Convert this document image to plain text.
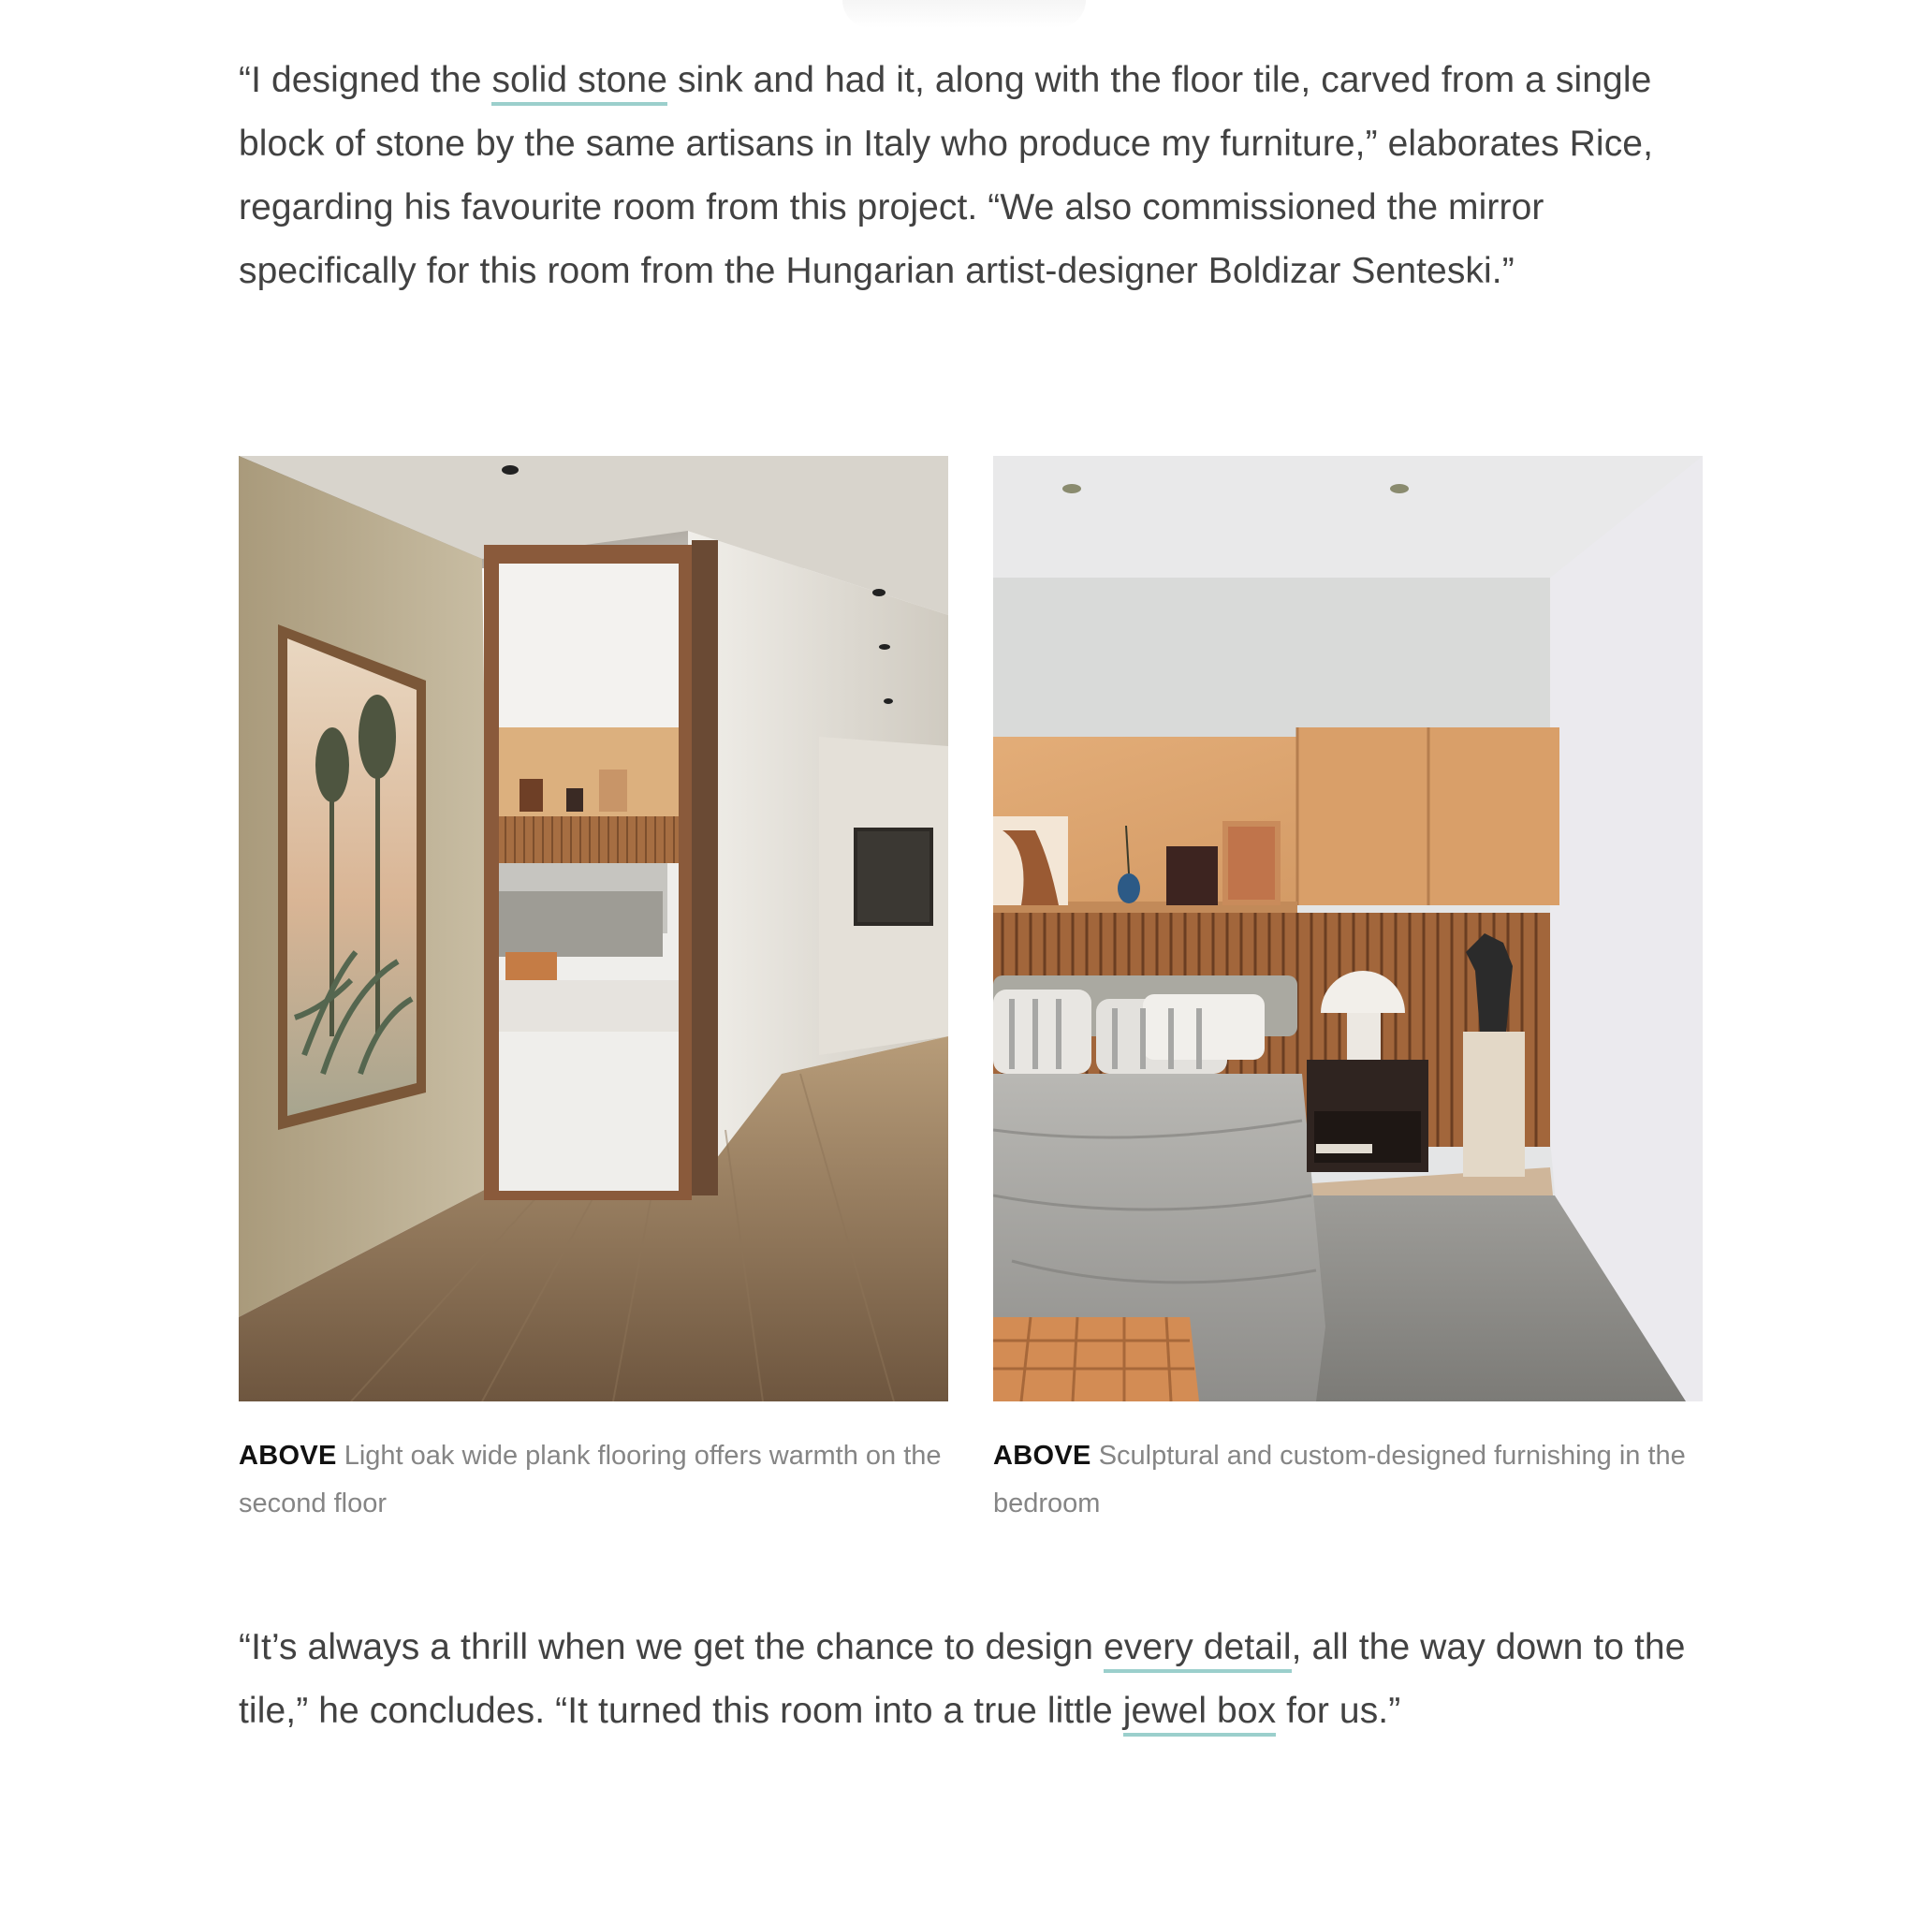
“I designed the solid stone sink and had it, along with the floor tile, carved from a single block of stone by the same artisans in Italy who produce my furniture,” elaborates Rice, regarding his favourite room from this project. “We also commissioned the mirror specifically for this room from the Hungarian artist-designer Boldizar Senteski.”

ABOVE Light oak wide plank flooring offers warmth on the second floor

ABOVE Sculptural and custom-designed furnishing in the bedroom

“It’s always a thrill when we get the chance to design every detail, all the way down to the tile,” he concludes. “It turned this room into a true little jewel box for us.”
